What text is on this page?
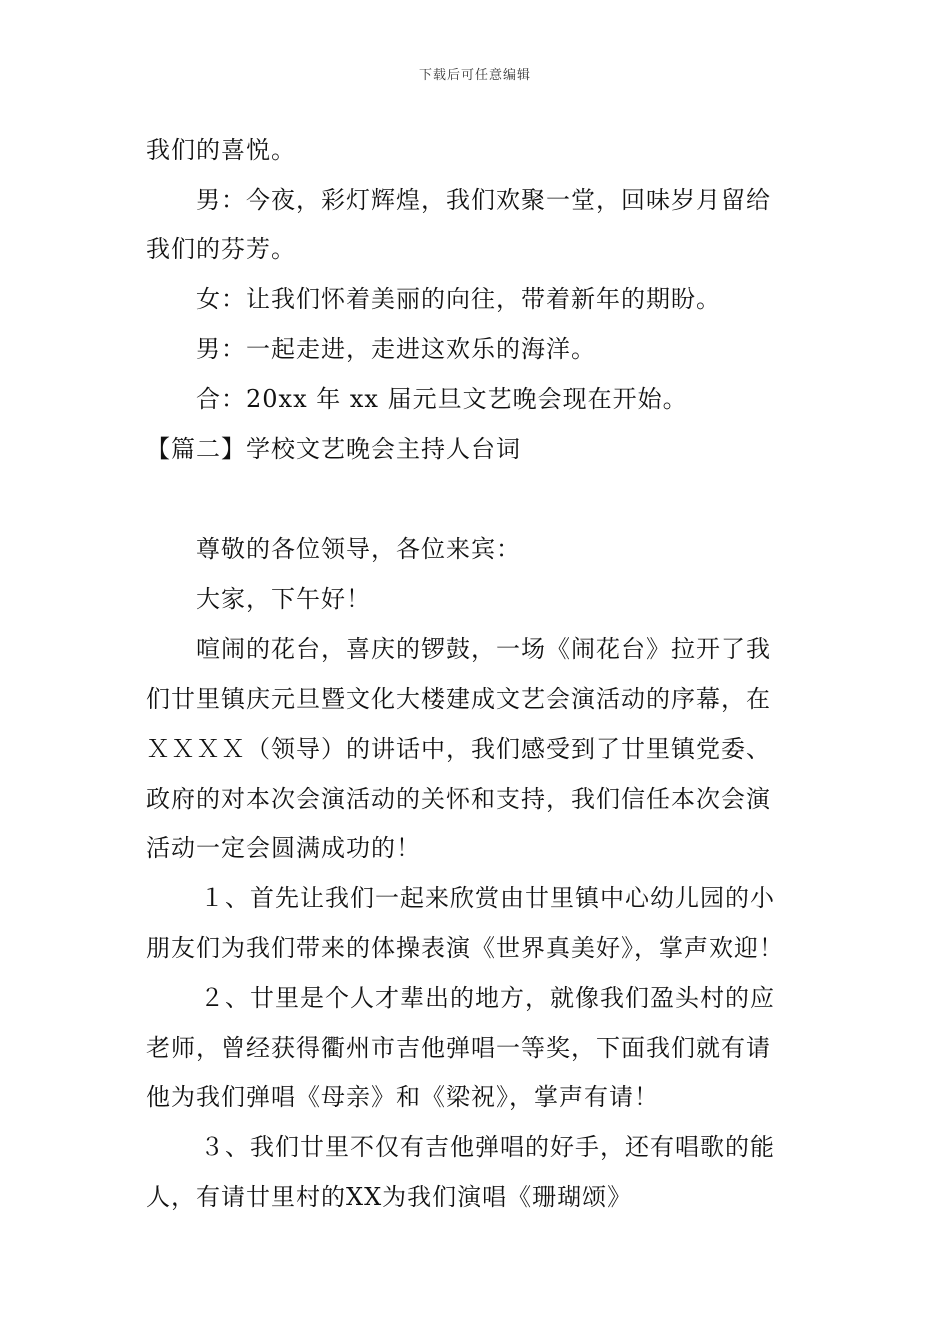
下载后可任意编辑
我们的喜悦。
男：今夜，彩灯辉煌，我们欢聚一堂，回味岁月留给
我们的芬芳。
女：让我们怀着美丽的向往，带着新年的期盼。
男：一起走进，走进这欢乐的海洋。
合：20xx 年 xx 届元旦文艺晚会现在开始。
【篇二】学校文艺晚会主持人台词
尊敬的各位领导，各位来宾：
大家，下午好！
喧闹的花台，喜庆的锣鼓，一场《闹花台》拉开了我
们廿里镇庆元旦暨文化大楼建成文艺会演活动的序幕，在
ＸＸＸＸ（领导）的讲话中，我们感受到了廿里镇党委、
政府的对本次会演活动的关怀和支持，我们信任本次会演
活动一定会圆满成功的！
１、首先让我们一起来欣赏由廿里镇中心幼儿园的小
朋友们为我们带来的体操表演《世界真美好》，掌声欢迎！
２、廿里是个人才辈出的地方，就像我们盈头村的应
老师，曾经获得衢州市吉他弹唱一等奖，下面我们就有请
他为我们弹唱《母亲》和《梁祝》，掌声有请！
３、我们廿里不仅有吉他弹唱的好手，还有唱歌的能
人，有请廿里村的XX为我们演唱《珊瑚颂》
